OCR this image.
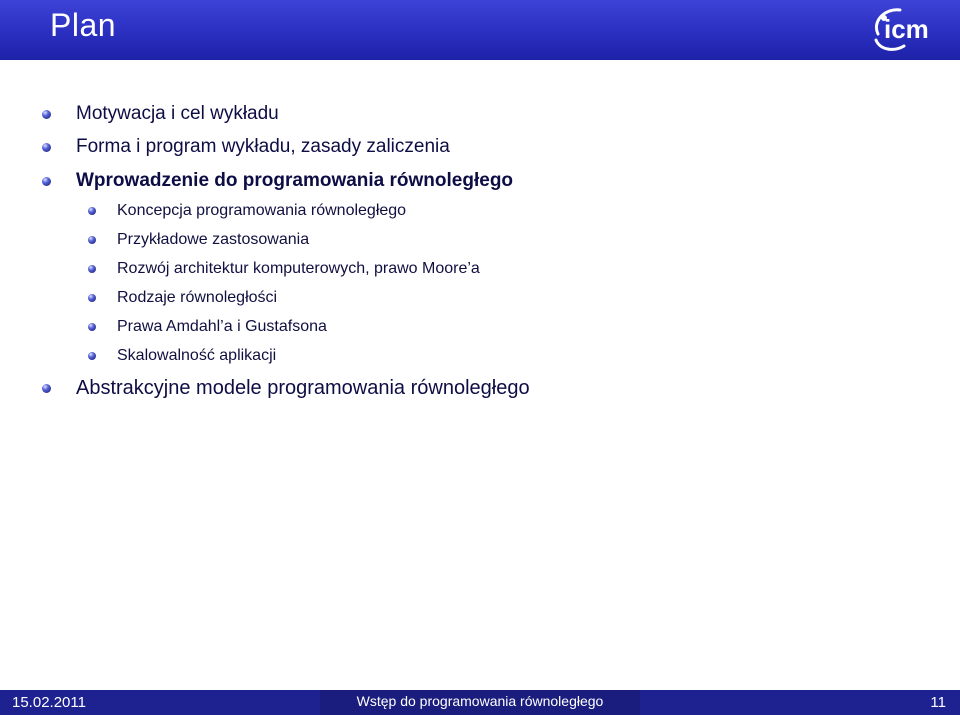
Plan	icm
Motywacja i cel wykładu
Forma i program wykładu, zasady zaliczenia
Wprowadzenie do programowania równoległego
Koncepcja programowania równoległego
Przykładowe zastosowania
Rozwój architektur komputerowych, prawo Moore’a
Rodzaje równoległości
Prawa Amdahl’a i Gustafsona
Skalowalność aplikacji
Abstrakcyjne modele programowania równoległego
15.02.2011	Wstęp do programowania równoległego	11
